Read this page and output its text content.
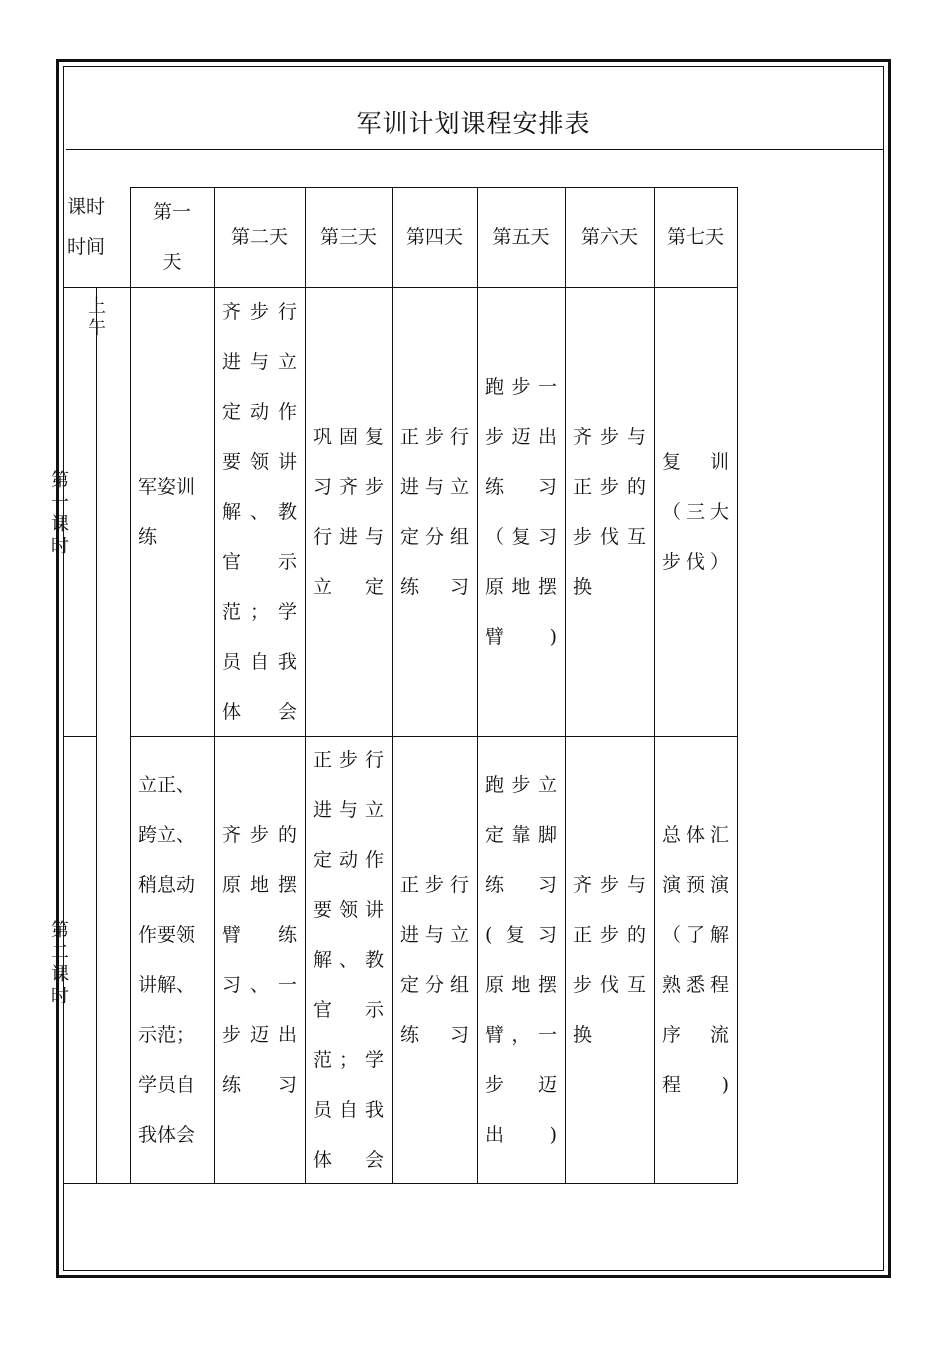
军训计划课程安排表
课时
时间
第一
天
第二天 第三天 第四天 第五天 第六天 第七天
上午
第一课时
军姿训
练
齐步行
进与立
定动作
要领讲
解、教
官　示
范；学
员自我
体会
巩固复
习齐步
行进与
立定
正步行
进与立
定分组
练习
跑步一
步迈出
练　习
（复习
原地摆
臂)
齐步与
正步的
步伐互
换
复　训
（三大
步伐）
第二课时
立正、
跨立、
稍息动
作要领
讲解、
示范；
学员自
我体会
齐步的
原地摆
臂　练
习、一
步迈出
练习
正步行
进与立
定动作
要领讲
解、教
官　示
范；学
员自我
体会
正步行
进与立
定分组
练习
跑步立
定靠脚
练　习
(复习
原地摆
臂，一
步　迈
出)
齐步与
正步的
步伐互
换
总体汇
演预演
（了解
熟悉程
序　流
程)
